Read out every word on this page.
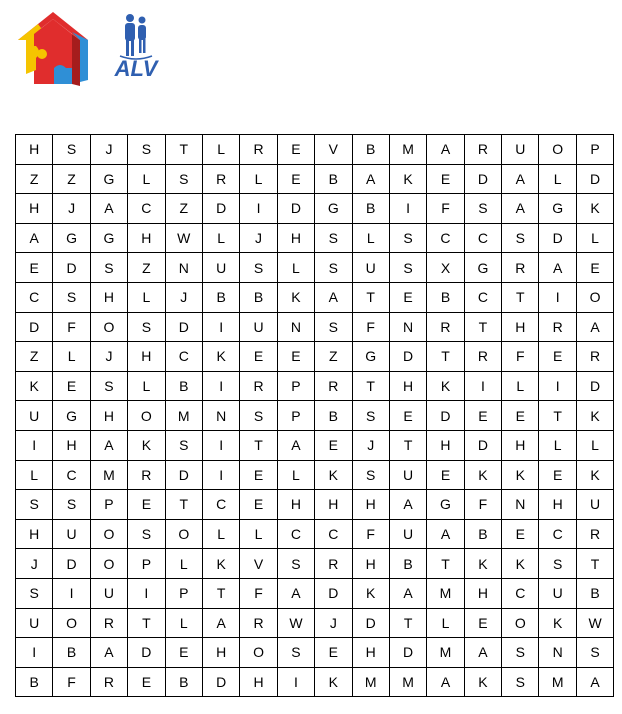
ALV
H	S	J	S	T	L	R	E	V	B	M	A	R	U	O	P
Z	Z	G	L	S	R	L	E	B	A	K	E	D	A	L	D
H	J	A	C	Z	D	I	D	G	B	I	F	S	A	G	K
A	G	G	H	W	L	J	H	S	L	S	C	C	S	D	L
E	D	S	Z	N	U	S	L	S	U	S	X	G	R	A	E
C	S	H	L	J	B	B	K	A	T	E	B	C	T	I	O
D	F	O	S	D	I	U	N	S	F	N	R	T	H	R	A
Z	L	J	H	C	K	E	E	Z	G	D	T	R	F	E	R
K	E	S	L	B	I	R	P	R	T	H	K	I	L	I	D
U	G	H	O	M	N	S	P	B	S	E	D	E	E	T	K
I	H	A	K	S	I	T	A	E	J	T	H	D	H	L	L
L	C	M	R	D	I	E	L	K	S	U	E	K	K	E	K
S	S	P	E	T	C	E	H	H	H	A	G	F	N	H	U
H	U	O	S	O	L	L	C	C	F	U	A	B	E	C	R
J	D	O	P	L	K	V	S	R	H	B	T	K	K	S	T
S	I	U	I	P	T	F	A	D	K	A	M	H	C	U	B
U	O	R	T	L	A	R	W	J	D	T	L	E	O	K	W
I	B	A	D	E	H	O	S	E	H	D	M	A	S	N	S
B	F	R	E	B	D	H	I	K	M	M	A	K	S	M	A
